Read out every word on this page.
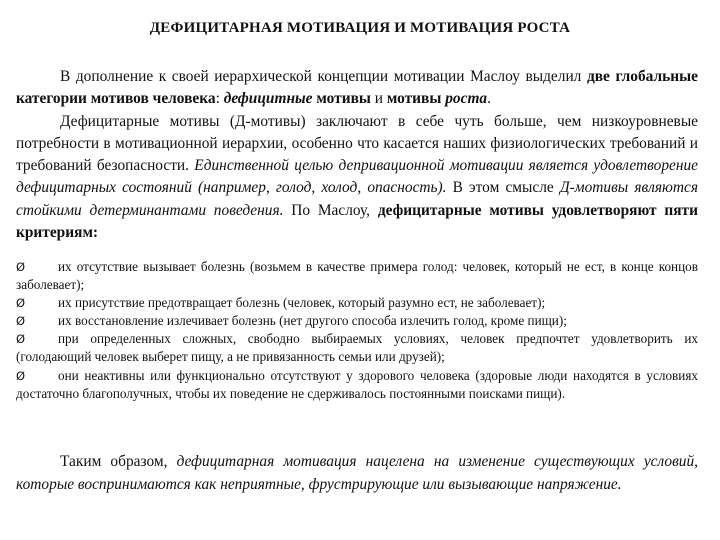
ДЕФИЦИТАРНАЯ МОТИВАЦИЯ И МОТИВАЦИЯ РОСТА

В дополнение к своей иерархической концепции мотивации Маслоу выделил две глобальные категории мотивов человека: дефицитные мотивы и мотивы роста.

Дефицитарные мотивы (Д-мотивы) заключают в себе чуть больше, чем низкоуровневые потребности в мотивационной иерархии, особенно что касается наших физиологических требований и требований безопасности. Единственной целью депривационной мотивации является удовлетворение дефицитарных состояний (например, голод, холод, опасность). В этом смысле Д-мотивы являются стойкими детерминантами поведения. По Маслоу, дефицитарные мотивы удовлетворяют пяти критериям:

Ø их отсутствие вызывает болезнь (возьмем в качестве примера голод: человек, который не ест, в конце концов заболевает);

Ø их присутствие предотвращает болезнь (человек, который разумно ест, не заболевает);

Ø их восстановление излечивает болезнь (нет другого способа излечить голод, кроме пищи);

Ø при определенных сложных, свободно выбираемых условиях, человек предпочтет удовлетворить их (голодающий человек выберет пищу, а не привязанность семьи или друзей);

Ø они неактивны или функционально отсутствуют у здорового человека (здоровые люди находятся в условиях достаточно благополучных, чтобы их поведение не сдерживалось постоянными поисками пищи).

Таким образом, дефицитарная мотивация нацелена на изменение существующих условий, которые воспринимаются как неприятные, фрустрирующие или вызывающие напряжение.
